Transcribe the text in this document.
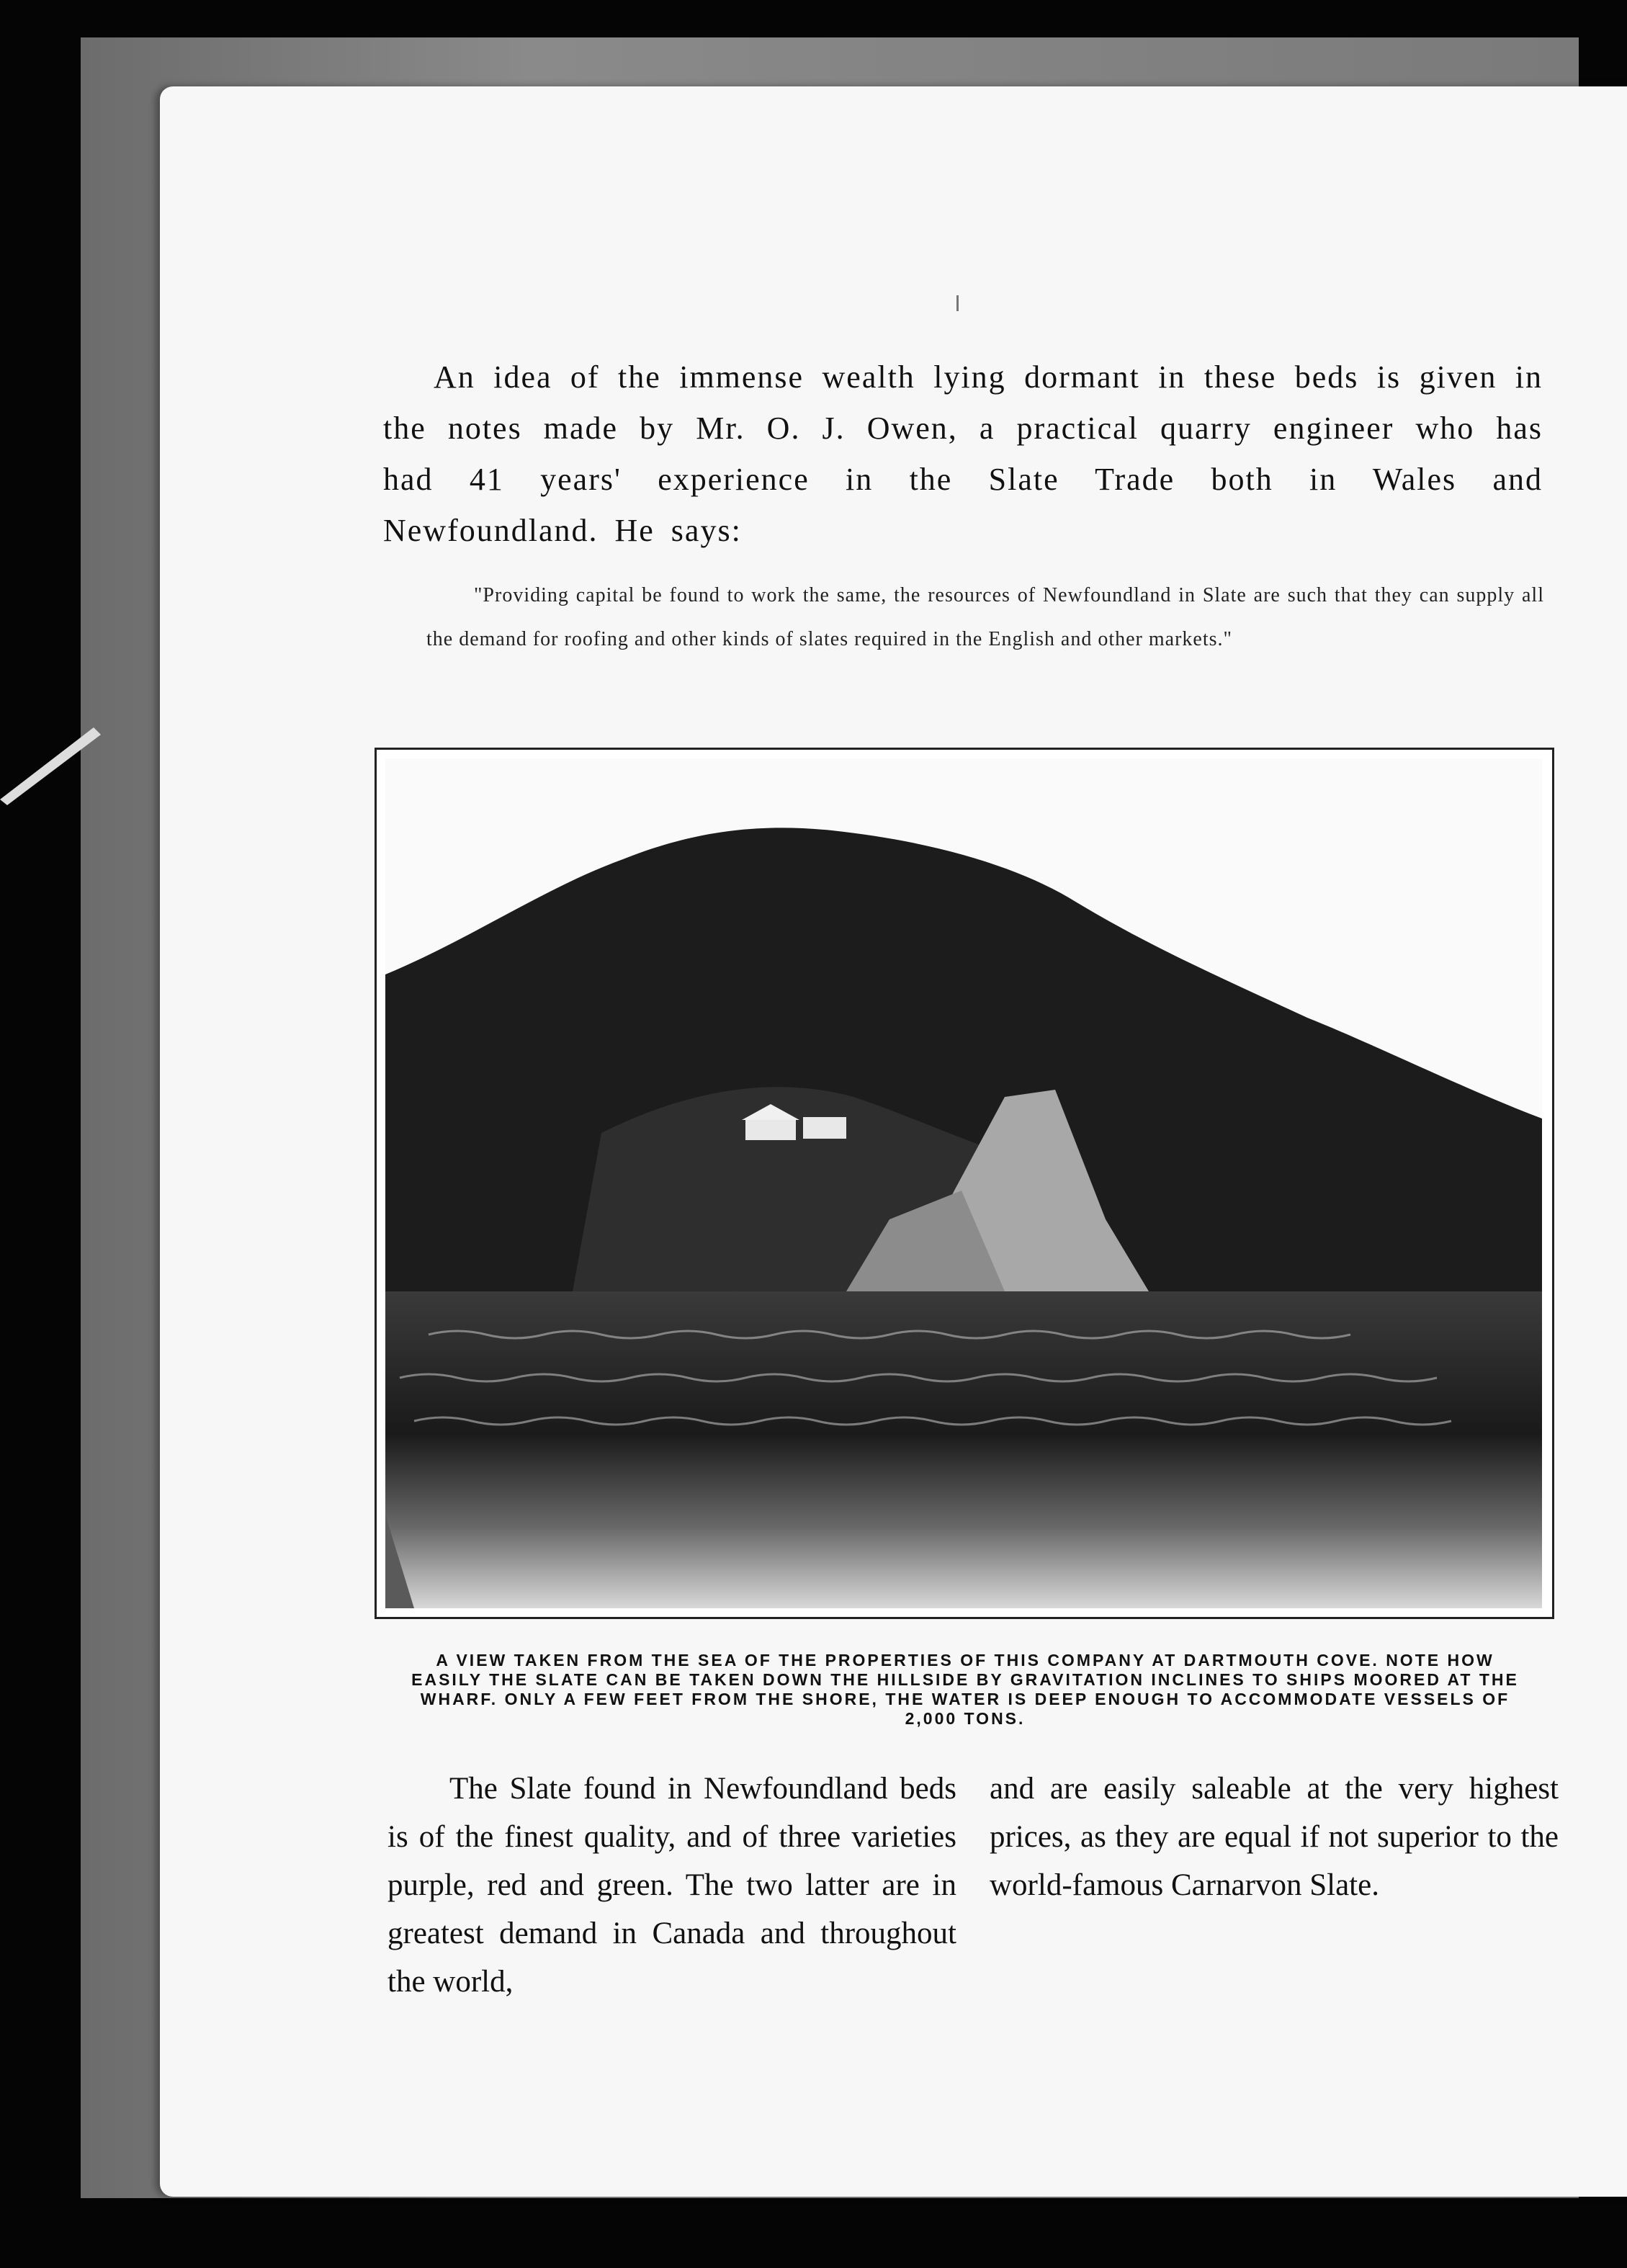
An idea of the immense wealth lying dormant in these beds is given in the notes made by Mr. O. J. Owen, a practical quarry engineer who has had 41 years' experience in the Slate Trade both in Wales and Newfoundland. He says:

"Providing capital be found to work the same, the resources of Newfoundland in Slate are such that they can supply all the demand for roofing and other kinds of slates required in the English and other markets."

A VIEW TAKEN FROM THE SEA OF THE PROPERTIES OF THIS COMPANY AT DARTMOUTH COVE. NOTE HOW EASILY THE SLATE CAN BE TAKEN DOWN THE HILLSIDE BY GRAVITATION INCLINES TO SHIPS MOORED AT THE WHARF. ONLY A FEW FEET FROM THE SHORE, THE WATER IS DEEP ENOUGH TO ACCOMMODATE VESSELS OF 2,000 TONS.

The Slate found in Newfoundland beds is of the finest quality, and of three varieties purple, red and green. The two latter are in greatest demand in Canada and throughout the world,

and are easily saleable at the very highest prices, as they are equal if not superior to the world-famous Carnarvon Slate.
